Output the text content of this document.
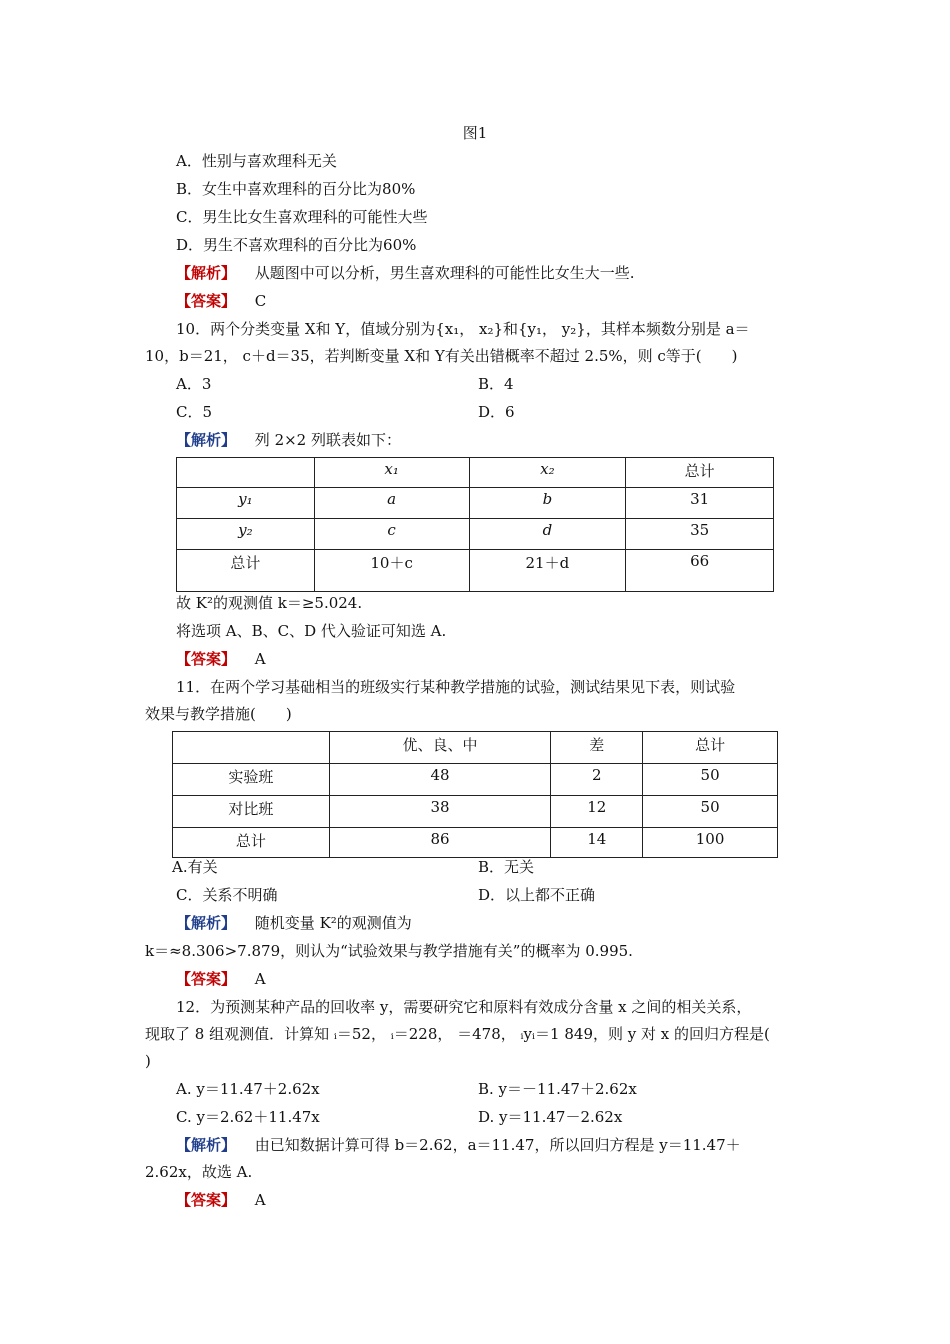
图1
A．性别与喜欢理科无关
B．女生中喜欢理科的百分比为80%
C．男生比女生喜欢理科的可能性大些
D．男生不喜欢理科的百分比为60%
【解析】 从题图中可以分析，男生喜欢理科的可能性比女生大一些.
【答案】 C
10．两个分类变量 X和 Y，值域分别为{x₁， x₂}和{y₁， y₂}，其样本频数分别是 a＝
10，b＝21， c＋d＝35，若判断变量 X和 Y有关出错概率不超过 2.5%，则 c等于(　　)
A．3	B．4
C．5	D．6
【解析】 列 2×2 列联表如下：
	x₁	x₂	总计
y₁	a	b	31
y₂	c	d	35
总计	10＋c	21＋d	66
故 K²的观测值 k＝≥5.024.
将选项 A、B、C、D 代入验证可知选 A.
【答案】 A
11．在两个学习基础相当的班级实行某种教学措施的试验，测试结果见下表，则试验
效果与教学措施(　　)
	优、良、中	差	总计
实验班	48	2	50
对比班	38	12	50
总计	86	14	100
A.有关	B．无关
C．关系不明确	D．以上都不正确
【解析】 随机变量 K²的观测值为
k＝≈8.306>7.879，则认为“试验效果与教学措施有关”的概率为 0.995.
【答案】 A
12．为预测某种产品的回收率 y，需要研究它和原料有效成分含量 x 之间的相关关系，
现取了 8 组观测值．计算知 ᵢ＝52， ᵢ＝228， ＝478， ᵢyᵢ＝1 849，则 y 对 x 的回归方程是(
)
A. y＝11.47＋2.62x	B. y＝－11.47＋2.62x
C. y＝2.62＋11.47x	D. y＝11.47－2.62x
【解析】 由已知数据计算可得 b＝2.62，a＝11.47，所以回归方程是 y＝11.47＋
2.62x，故选 A.
【答案】 A
